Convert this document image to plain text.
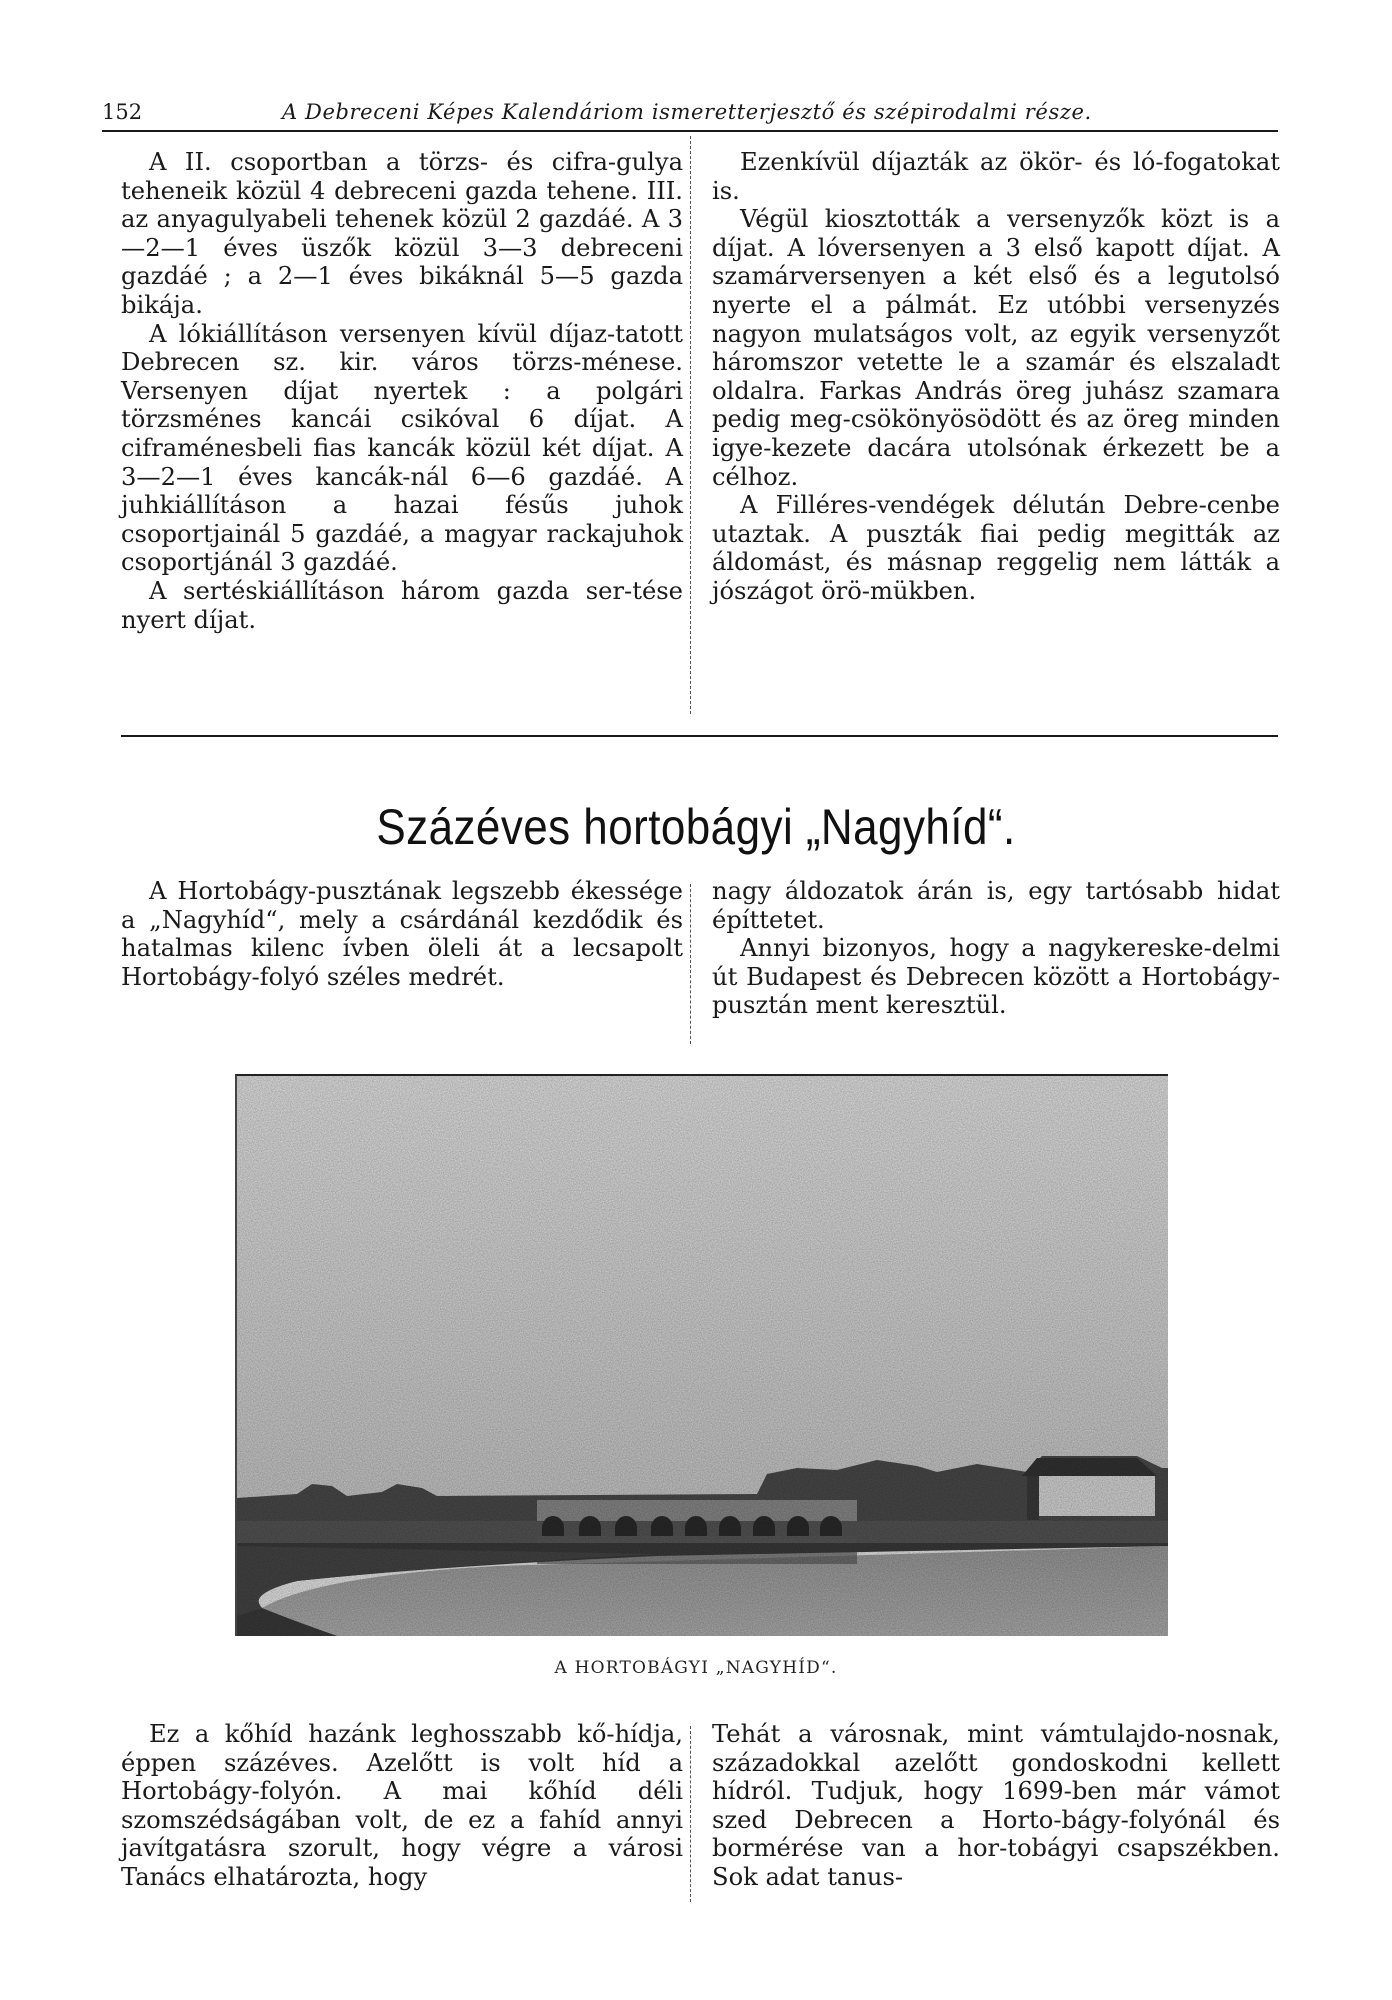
152	A Debreceni Képes Kalendáriom ismeretterjesztő és szépirodalmi része.

A II. csoportban a törzs- és cifra-gulya teheneik közül 4 debreceni gazda tehene. III. az anyagulyabeli tehenek közül 2 gazdáé. A 3—2—1 éves üszők közül 3—3 debreceni gazdáé ; a 2—1 éves bikáknál 5—5 gazda bikája.

A lókiállításon versenyen kívül díjaz-tatott Debrecen sz. kir. város törzs-ménese. Versenyen díjat nyertek : a polgári törzsménes kancái csikóval 6 díjat. A ciframénesbeli fias kancák közül két díjat. A 3—2—1 éves kancák-nál 6—6 gazdáé. A juhkiállításon a hazai fésűs juhok csoportjainál 5 gazdáé, a magyar rackajuhok csoportjánál 3 gazdáé.

A sertéskiállításon három gazda ser-tése nyert díjat.

Ezenkívül díjazták az ökör- és ló-fogatokat is.

Végül kiosztották a versenyzők közt is a díjat. A lóversenyen a 3 első kapott díjat. A szamárversenyen a két első és a legutolsó nyerte el a pálmát. Ez utóbbi versenyzés nagyon mulatságos volt, az egyik versenyzőt háromszor vetette le a szamár és elszaladt oldalra. Farkas András öreg juhász szamara pedig meg-csökönyösödött és az öreg minden igye-kezete dacára utolsónak érkezett be a célhoz.

A Filléres-vendégek délután Debre-cenbe utaztak. A puszták fiai pedig megitták az áldomást, és másnap reggelig nem látták a jószágot örö-mükben.

Százéves hortobágyi „Nagyhíd“.

A Hortobágy-pusztának legszebb ékessége a „Nagyhíd“, mely a csárdánál kezdődik és hatalmas kilenc ívben öleli át a lecsapolt Hortobágy-folyó széles medrét.

nagy áldozatok árán is, egy tartósabb hidat építtetet.

Annyi bizonyos, hogy a nagykereske-delmi út Budapest és Debrecen között a Hortobágy-pusztán ment keresztül.

A HORTOBÁGYI „NAGYHÍD“.

Ez a kőhíd hazánk leghosszabb kő-hídja, éppen százéves. Azelőtt is volt híd a Hortobágy-folyón. A mai kőhíd déli szomszédságában volt, de ez a fahíd annyi javítgatásra szorult, hogy végre a városi Tanács elhatározta, hogy

Tehát a városnak, mint vámtulajdo-nosnak, századokkal azelőtt gondoskodni kellett hídról. Tudjuk, hogy 1699-ben már vámot szed Debrecen a Horto-bágy-folyónál és bormérése van a hor-tobágyi csapszékben. Sok adat tanus-
